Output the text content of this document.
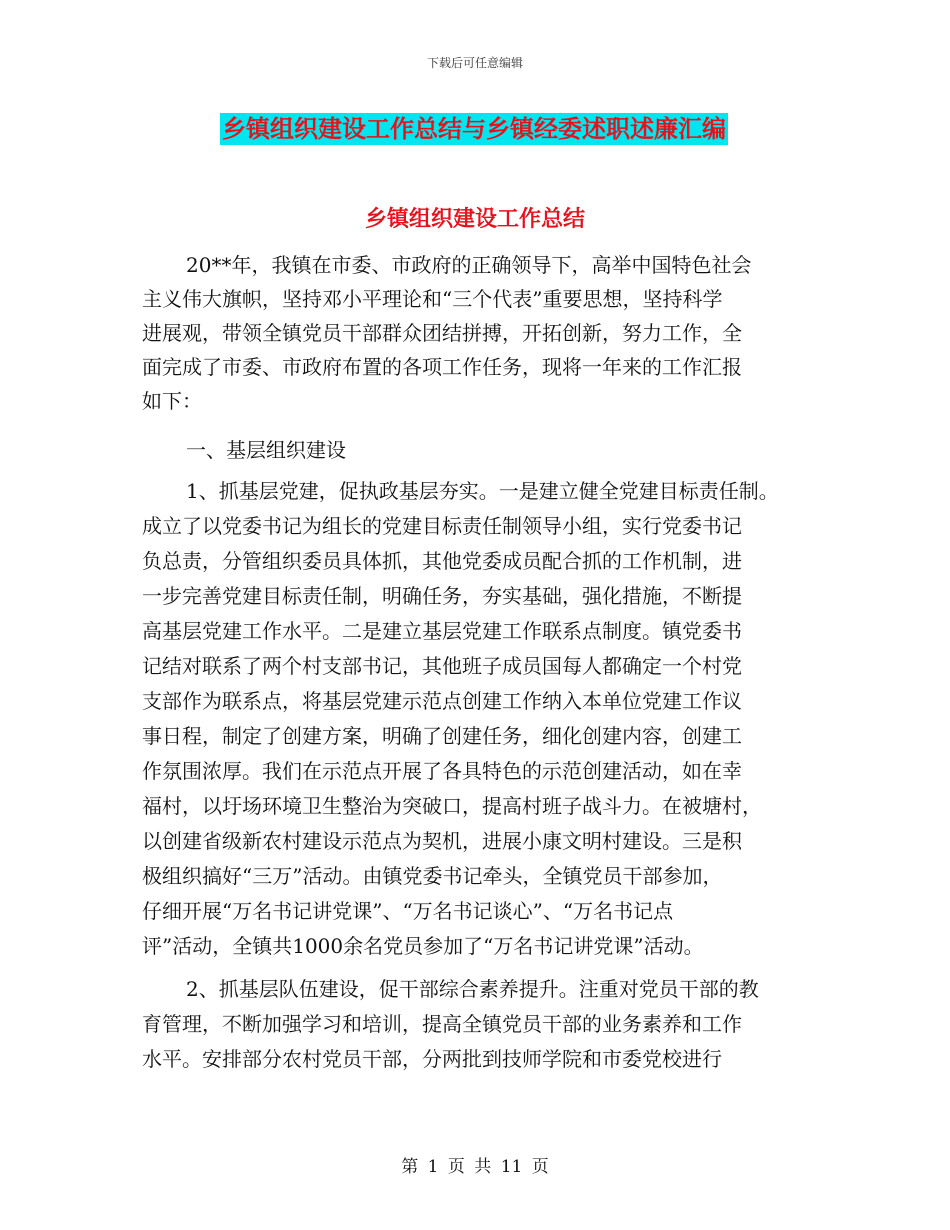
下载后可任意编辑
乡镇组织建设工作总结与乡镇经委述职述廉汇编
乡镇组织建设工作总结
20**年，我镇在市委、市政府的正确领导下，高举中国特色社会
主义伟大旗帜，坚持邓小平理论和“三个代表”重要思想，坚持科学
进展观，带领全镇党员干部群众团结拼搏，开拓创新，努力工作，全
面完成了市委、市政府布置的各项工作任务，现将一年来的工作汇报
如下：
一、基层组织建设
1、抓基层党建，促执政基层夯实。一是建立健全党建目标责任制。
成立了以党委书记为组长的党建目标责任制领导小组，实行党委书记
负总责，分管组织委员具体抓，其他党委成员配合抓的工作机制，进
一步完善党建目标责任制，明确任务，夯实基础，强化措施，不断提
高基层党建工作水平。二是建立基层党建工作联系点制度。镇党委书
记结对联系了两个村支部书记，其他班子成员国每人都确定一个村党
支部作为联系点，将基层党建示范点创建工作纳入本单位党建工作议
事日程，制定了创建方案，明确了创建任务，细化创建内容，创建工
作氛围浓厚。我们在示范点开展了各具特色的示范创建活动，如在幸
福村，以圩场环境卫生整治为突破口，提高村班子战斗力。在被塘村，
以创建省级新农村建设示范点为契机，进展小康文明村建设。三是积
极组织搞好“三万”活动。由镇党委书记牵头，全镇党员干部参加，
仔细开展“万名书记讲党课”、“万名书记谈心”、“万名书记点
评”活动，全镇共1000余名党员参加了“万名书记讲党课”活动。
2、抓基层队伍建设，促干部综合素养提升。注重对党员干部的教
育管理，不断加强学习和培训，提高全镇党员干部的业务素养和工作
水平。安排部分农村党员干部，分两批到技师学院和市委党校进行
第 1 页 共 11 页
